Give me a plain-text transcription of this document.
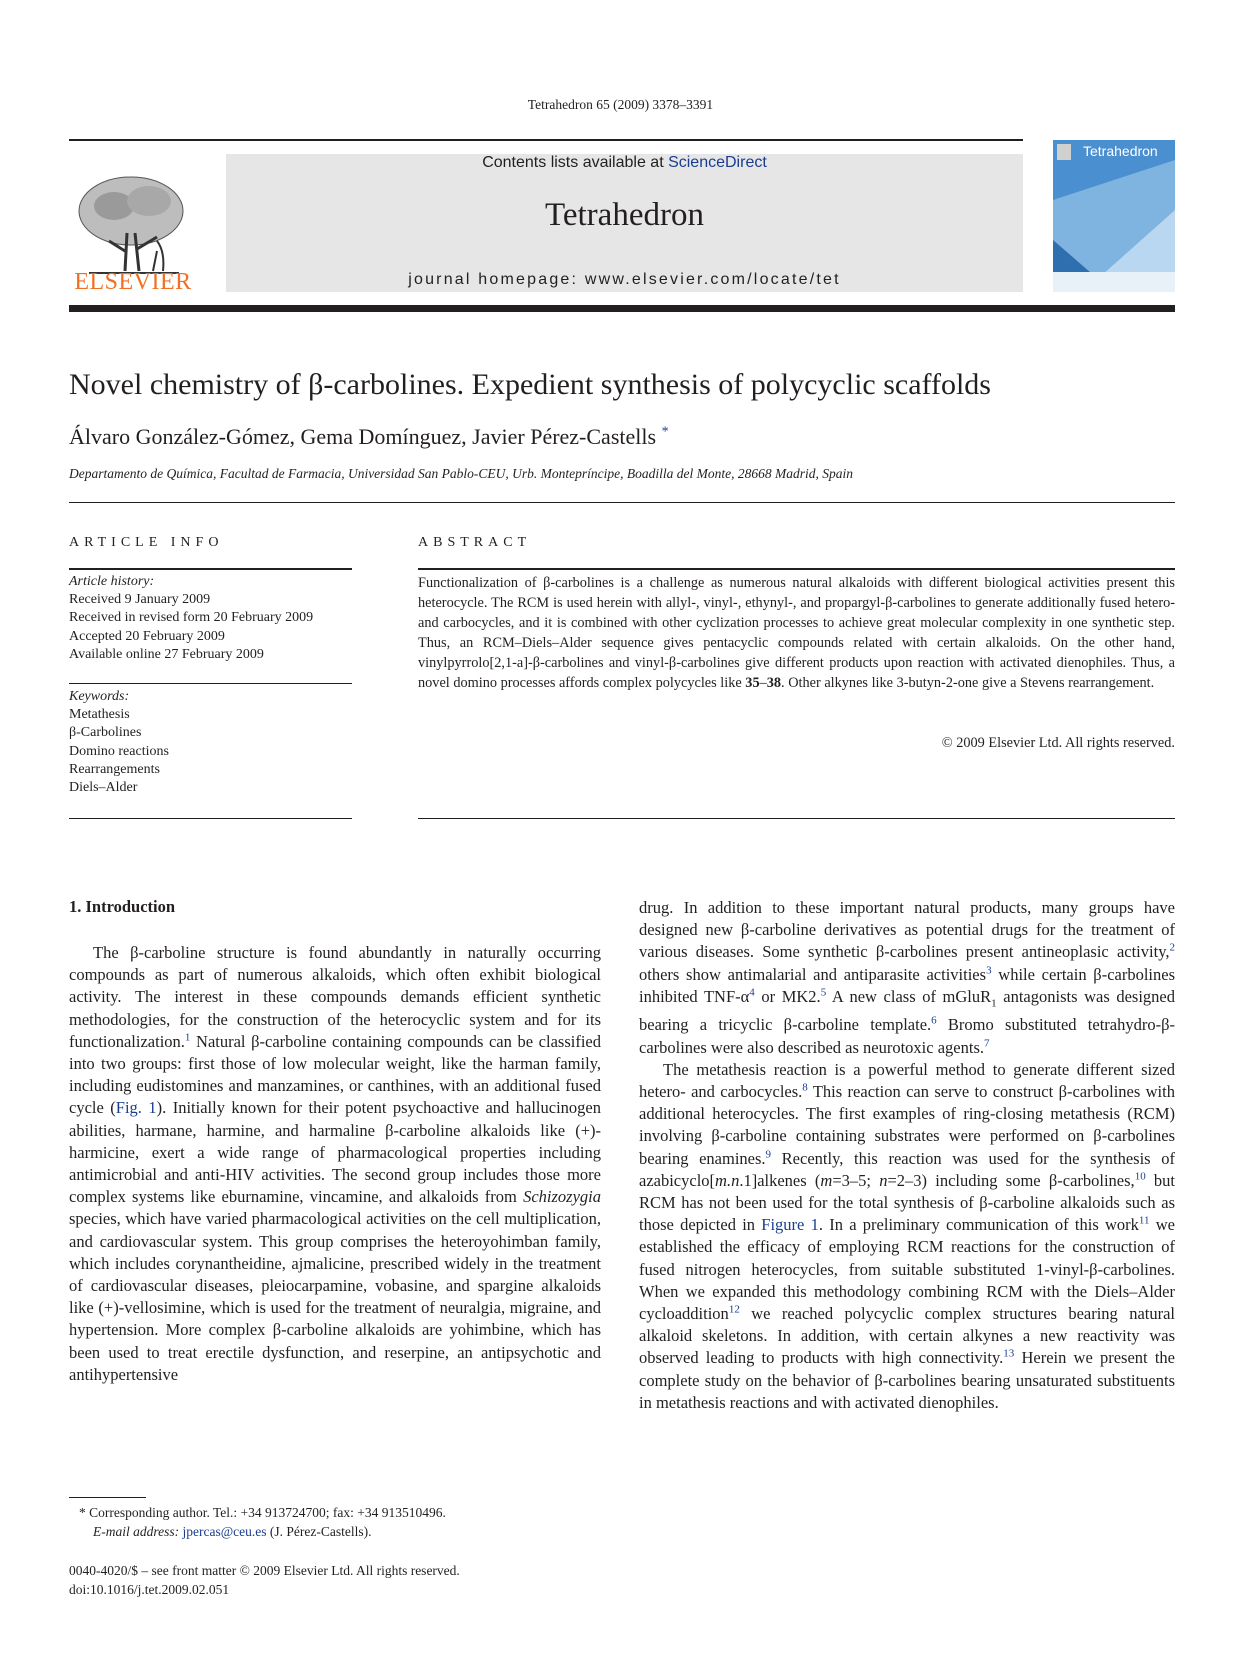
Tetrahedron 65 (2009) 3378–3391
ELSEVIER
Contents lists available at ScienceDirect
Tetrahedron
journal homepage: www.elsevier.com/locate/tet
Tetrahedron
Novel chemistry of β-carbolines. Expedient synthesis of polycyclic scaffolds
Álvaro González-Gómez, Gema Domínguez, Javier Pérez-Castells *
Departamento de Química, Facultad de Farmacia, Universidad San Pablo-CEU, Urb. Montepríncipe, Boadilla del Monte, 28668 Madrid, Spain
ARTICLE INFO	ABSTRACT
Article history:
Received 9 January 2009
Received in revised form 20 February 2009
Accepted 20 February 2009
Available online 27 February 2009
Keywords:
Metathesis
β-Carbolines
Domino reactions
Rearrangements
Diels–Alder
Functionalization of β-carbolines is a challenge as numerous natural alkaloids with different biological activities present this heterocycle. The RCM is used herein with allyl-, vinyl-, ethynyl-, and propargyl-β-carbolines to generate additionally fused hetero- and carbocycles, and it is combined with other cyclization processes to achieve great molecular complexity in one synthetic step. Thus, an RCM–Diels–Alder sequence gives pentacyclic compounds related with certain alkaloids. On the other hand, vinylpyrrolo[2,1-a]-β-carbolines and vinyl-β-carbolines give different products upon reaction with activated dienophiles. Thus, a novel domino processes affords complex polycycles like 35–38. Other alkynes like 3-butyn-2-one give a Stevens rearrangement.
© 2009 Elsevier Ltd. All rights reserved.
1. Introduction

The β-carboline structure is found abundantly in naturally occurring compounds as part of numerous alkaloids, which often exhibit biological activity. The interest in these compounds demands efficient synthetic methodologies, for the construction of the heterocyclic system and for its functionalization.$^1$ Natural β-carboline containing compounds can be classified into two groups: first those of low molecular weight, like the harman family, including eudistomines and manzamines, or canthines, with an additional fused cycle (Fig. 1). Initially known for their potent psychoactive and hallucinogen abilities, harmane, harmine, and harmaline β-carboline alkaloids like (+)-harmicine, exert a wide range of pharmacological properties including antimicrobial and anti-HIV activities. The second group includes those more complex systems like eburnamine, vincamine, and alkaloids from Schizozygia species, which have varied pharmacological activities on the cell multiplication, and cardiovascular system. This group comprises the heteroyohimban family, which includes corynantheidine, ajmalicine, prescribed widely in the treatment of cardiovascular diseases, pleiocarpamine, vobasine, and spargine alkaloids like (+)-vellosimine, which is used for the treatment of neuralgia, migraine, and hypertension. More complex β-carboline alkaloids are yohimbine, which has been used to treat erectile dysfunction, and reserpine, an antipsychotic and antihypertensive

drug. In addition to these important natural products, many groups have designed new β-carboline derivatives as potential drugs for the treatment of various diseases. Some synthetic β-carbolines present antineoplasic activity,$^2$ others show antimalarial and antiparasite activities$^3$ while certain β-carbolines inhibited TNF-α$^4$ or MK2.$^5$ A new class of mGluR$_1$ antagonists was designed bearing a tricyclic β-carboline template.$^6$ Bromo substituted tetrahydro-β-carbolines were also described as neurotoxic agents.$^7$

The metathesis reaction is a powerful method to generate different sized hetero- and carbocycles.$^8$ This reaction can serve to construct β-carbolines with additional heterocycles. The first examples of ring-closing metathesis (RCM) involving β-carboline containing substrates were performed on β-carbolines bearing enamines.$^9$ Recently, this reaction was used for the synthesis of azabicyclo[m.n.1]alkenes (m=3–5; n=2–3) including some β-carbolines,$^{10}$ but RCM has not been used for the total synthesis of β-carboline alkaloids such as those depicted in Figure 1. In a preliminary communication of this work$^{11}$ we established the efficacy of employing RCM reactions for the construction of fused nitrogen heterocycles, from suitable substituted 1-vinyl-β-carbolines. When we expanded this methodology combining RCM with the Diels–Alder cycloaddition$^{12}$ we reached polycyclic complex structures bearing natural alkaloid skeletons. In addition, with certain alkynes a new reactivity was observed leading to products with high connectivity.$^{13}$ Herein we present the complete study on the behavior of β-carbolines bearing unsaturated substituents in metathesis reactions and with activated dienophiles.

* Corresponding author. Tel.: +34 913724700; fax: +34 913510496.
E-mail address: jpercas@ceu.es (J. Pérez-Castells).
0040-4020/$ – see front matter © 2009 Elsevier Ltd. All rights reserved.
doi:10.1016/j.tet.2009.02.051
